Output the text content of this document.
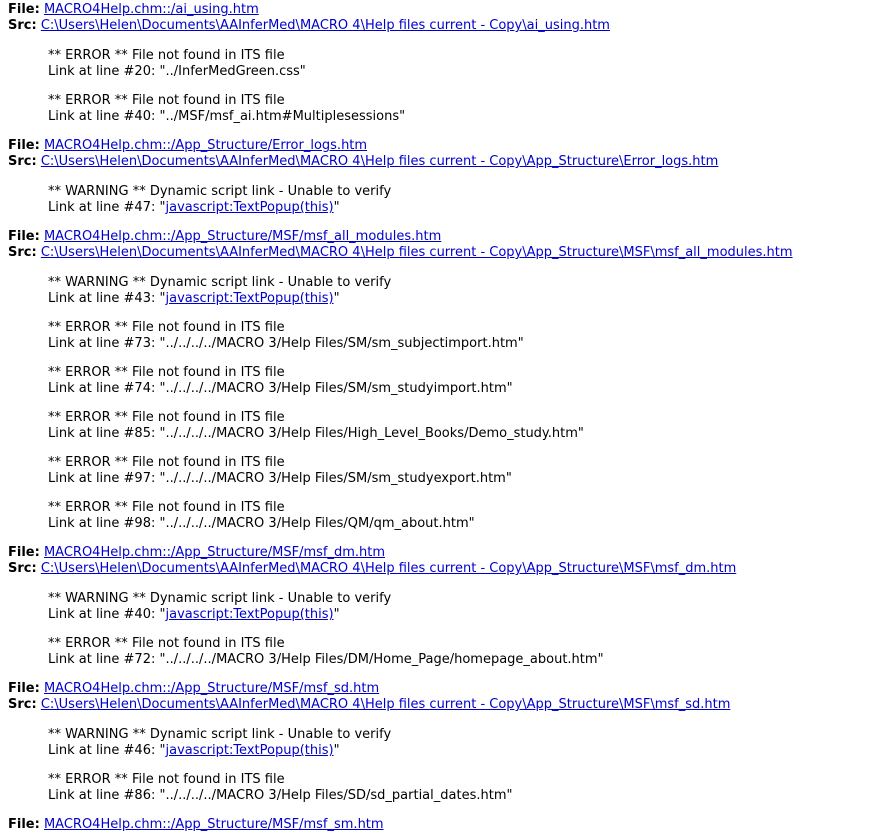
File: MACRO4Help.chm::/ai_using.htm
Src: C:\Users\Helen\Documents\AAInferMed\MACRO 4\Help files current - Copy\ai_using.htm
** ERROR ** File not found in ITS file
Link at line #20: "../InferMedGreen.css"
** ERROR ** File not found in ITS file
Link at line #40: "../MSF/msf_ai.htm#Multiplesessions"
File: MACRO4Help.chm::/App_Structure/Error_logs.htm
Src: C:\Users\Helen\Documents\AAInferMed\MACRO 4\Help files current - Copy\App_Structure\Error_logs.htm
** WARNING ** Dynamic script link - Unable to verify
Link at line #47: "javascript:TextPopup(this)"
File: MACRO4Help.chm::/App_Structure/MSF/msf_all_modules.htm
Src: C:\Users\Helen\Documents\AAInferMed\MACRO 4\Help files current - Copy\App_Structure\MSF\msf_all_modules.htm
** WARNING ** Dynamic script link - Unable to verify
Link at line #43: "javascript:TextPopup(this)"
** ERROR ** File not found in ITS file
Link at line #73: "../../../../MACRO 3/Help Files/SM/sm_subjectimport.htm"
** ERROR ** File not found in ITS file
Link at line #74: "../../../../MACRO 3/Help Files/SM/sm_studyimport.htm"
** ERROR ** File not found in ITS file
Link at line #85: "../../../../MACRO 3/Help Files/High_Level_Books/Demo_study.htm"
** ERROR ** File not found in ITS file
Link at line #97: "../../../../MACRO 3/Help Files/SM/sm_studyexport.htm"
** ERROR ** File not found in ITS file
Link at line #98: "../../../../MACRO 3/Help Files/QM/qm_about.htm"
File: MACRO4Help.chm::/App_Structure/MSF/msf_dm.htm
Src: C:\Users\Helen\Documents\AAInferMed\MACRO 4\Help files current - Copy\App_Structure\MSF\msf_dm.htm
** WARNING ** Dynamic script link - Unable to verify
Link at line #40: "javascript:TextPopup(this)"
** ERROR ** File not found in ITS file
Link at line #72: "../../../../MACRO 3/Help Files/DM/Home_Page/homepage_about.htm"
File: MACRO4Help.chm::/App_Structure/MSF/msf_sd.htm
Src: C:\Users\Helen\Documents\AAInferMed\MACRO 4\Help files current - Copy\App_Structure\MSF\msf_sd.htm
** WARNING ** Dynamic script link - Unable to verify
Link at line #46: "javascript:TextPopup(this)"
** ERROR ** File not found in ITS file
Link at line #86: "../../../../MACRO 3/Help Files/SD/sd_partial_dates.htm"
File: MACRO4Help.chm::/App_Structure/MSF/msf_sm.htm
